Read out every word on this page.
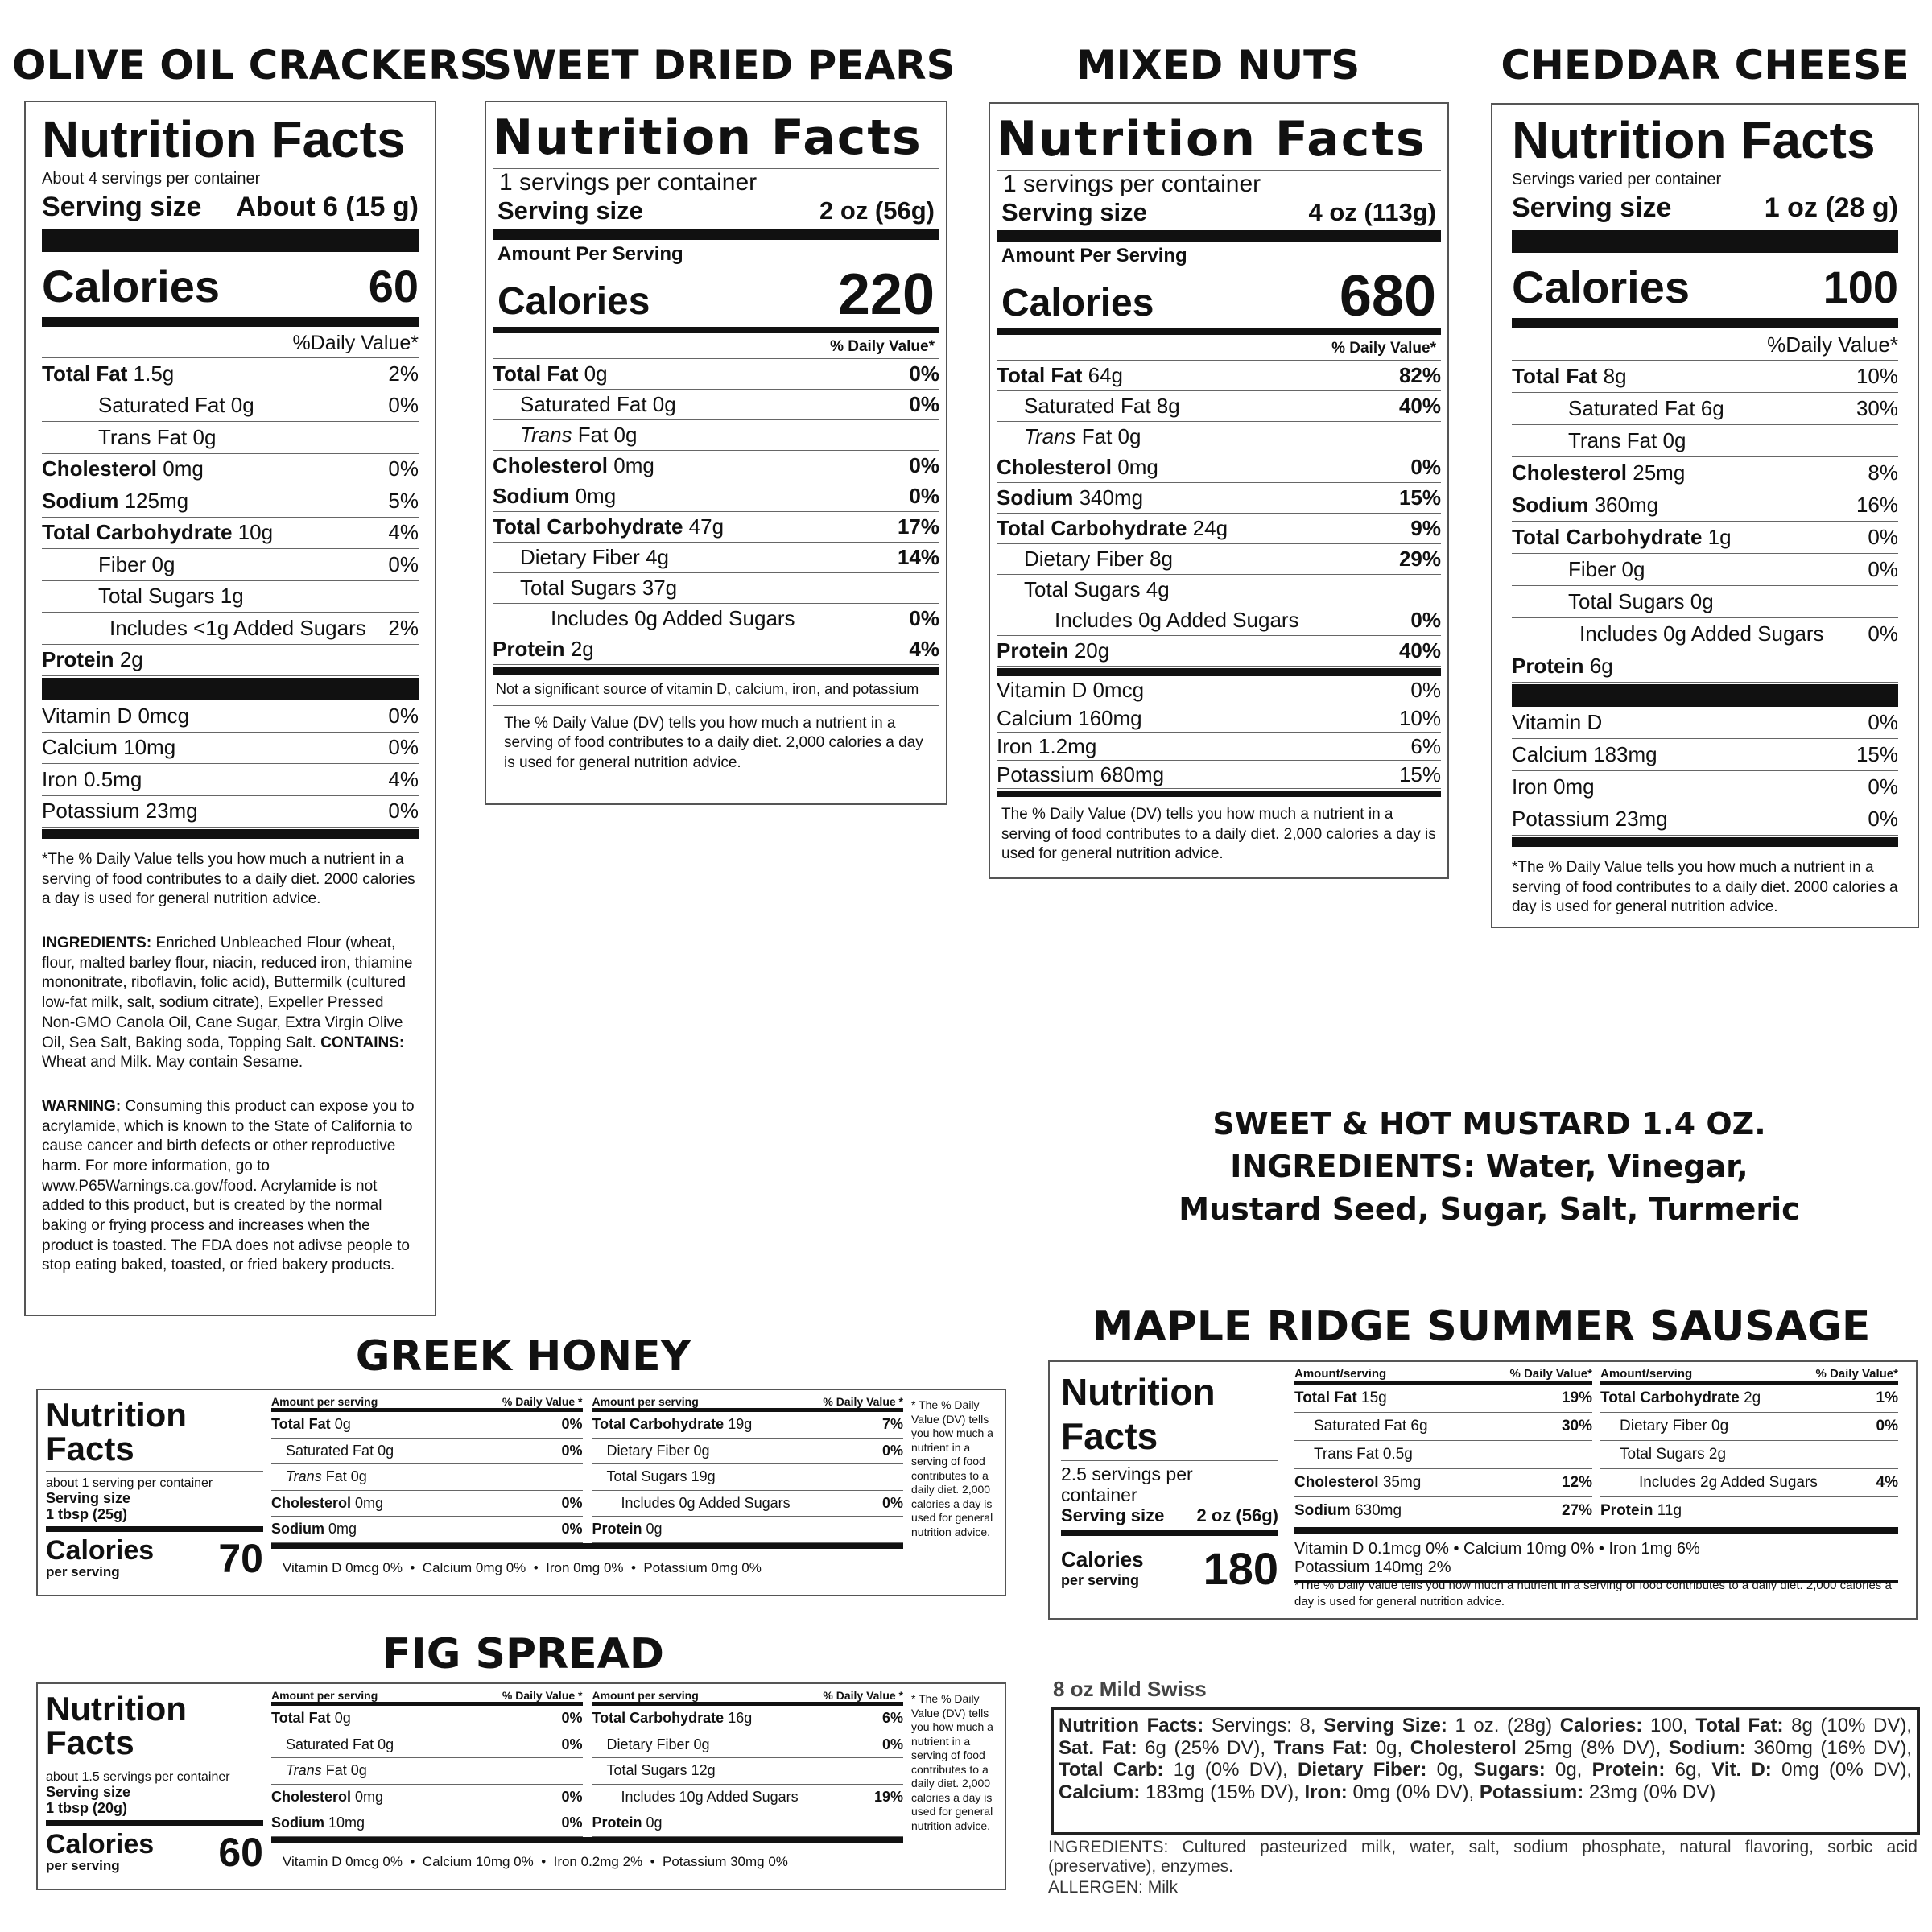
OLIVE OIL CRACKERS
Nutrition Facts
About 4 servings per container
Serving size About 6 (15 g)
Calories	60
%Daily Value*
Total Fat 1.5g	2%
Saturated Fat 0g	0%
Trans Fat 0g
Cholesterol 0mg	0%
Sodium 125mg	5%
Total Carbohydrate 10g	4%
Fiber 0g	0%
Total Sugars 1g
Includes <1g Added Sugars 2%
Protein 2g
Vitamin D 0mcg	0%
Calcium 10mg	0%
Iron 0.5mg	4%
Potassium 23mg	0%
*The % Daily Value tells you how much a nutrient in a serving of food contributes to a daily diet. 2000 calories a day is used for general nutrition advice.
INGREDIENTS: Enriched Unbleached Flour (wheat, flour, malted barley flour, niacin, reduced iron, thiamine mononitrate, riboflavin, folic acid), Buttermilk (cultured low-fat milk, salt, sodium citrate), Expeller Pressed Non-GMO Canola Oil, Cane Sugar, Extra Virgin Olive Oil, Sea Salt, Baking soda, Topping Salt. CONTAINS: Wheat and Milk. May contain Sesame.
WARNING: Consuming this product can expose you to acrylamide, which is known to the State of California to cause cancer and birth defects or other reproductive harm. For more information, go to www.P65Warnings.ca.gov/food. Acrylamide is not added to this product, but is created by the normal baking or frying process and increases when the product is toasted. The FDA does not adivse people to stop eating baked, toasted, or fried bakery products.
SWEET DRIED PEARS
Nutrition Facts
1 servings per container
Serving size	2 oz (56g)
Amount Per Serving
Calories	220
% Daily Value*
Total Fat 0g	0%
Saturated Fat 0g	0%
Trans Fat 0g
Cholesterol 0mg	0%
Sodium 0mg	0%
Total Carbohydrate 47g	17%
Dietary Fiber 4g	14%
Total Sugars 37g
Includes 0g Added Sugars	0%
Protein 2g	4%
Not a significant source of vitamin D, calcium, iron, and potassium
The % Daily Value (DV) tells you how much a nutrient in a serving of food contributes to a daily diet. 2,000 calories a day is used for general nutrition advice.
MIXED NUTS
Nutrition Facts
1 servings per container
Serving size	4 oz (113g)
Amount Per Serving
Calories	680
% Daily Value*
Total Fat 64g	82%
Saturated Fat 8g	40%
Trans Fat 0g
Cholesterol 0mg	0%
Sodium 340mg	15%
Total Carbohydrate 24g	9%
Dietary Fiber 8g	29%
Total Sugars 4g
Includes 0g Added Sugars	0%
Protein 20g	40%
Vitamin D 0mcg	0%
Calcium 160mg	10%
Iron 1.2mg	6%
Potassium 680mg	15%
The % Daily Value (DV) tells you how much a nutrient in a serving of food contributes to a daily diet. 2,000 calories a day is used for general nutrition advice.
CHEDDAR CHEESE
Nutrition Facts
Servings varied per container
Serving size	1 oz (28 g)
Calories	100
%Daily Value*
Total Fat 8g	10%
Saturated Fat 6g	30%
Trans Fat 0g
Cholesterol 25mg	8%
Sodium 360mg	16%
Total Carbohydrate 1g	0%
Fiber 0g	0%
Total Sugars 0g
Includes 0g Added Sugars 0%
Protein 6g
Vitamin D	0%
Calcium 183mg	15%
Iron 0mg	0%
Potassium 23mg	0%
*The % Daily Value tells you how much a nutrient in a serving of food contributes to a daily diet. 2000 calories a day is used for general nutrition advice.
SWEET & HOT MUSTARD 1.4 OZ.
INGREDIENTS: Water, Vinegar,
Mustard Seed, Sugar, Salt, Turmeric
GREEK HONEY
Nutrition
Facts
about 1 serving per container
Serving size
1 tbsp (25g)
Calories
per serving	70
Amount per serving	% Daily Value *
Total Fat 0g	0%
Saturated Fat 0g	0%
Trans Fat 0g
Cholesterol 0mg	0%
Sodium 0mg	0%
Amount per serving	% Daily Value *
Total Carbohydrate 19g	7%
Dietary Fiber 0g	0%
Total Sugars 19g
Includes 0g Added Sugars	0%
Protein 0g
Vitamin D 0mcg 0%  •  Calcium 0mg 0%  •  Iron 0mg 0%  •  Potassium 0mg 0%
* The % Daily Value (DV) tells you how much a nutrient in a serving of food contributes to a daily diet. 2,000 calories a day is used for general nutrition advice.
FIG SPREAD
Nutrition
Facts
about 1.5 servings per container
Serving size
1 tbsp (20g)
Calories
per serving	60
Amount per serving	% Daily Value *
Total Fat 0g	0%
Saturated Fat 0g	0%
Trans Fat 0g
Cholesterol 0mg	0%
Sodium 10mg	0%
Amount per serving	% Daily Value *
Total Carbohydrate 16g	6%
Dietary Fiber 0g	0%
Total Sugars 12g
Includes 10g Added Sugars	19%
Protein 0g
Vitamin D 0mcg 0%  •  Calcium 10mg 0%  •  Iron 0.2mg 2%  •  Potassium 30mg 0%
* The % Daily Value (DV) tells you how much a nutrient in a serving of food contributes to a daily diet. 2,000 calories a day is used for general nutrition advice.
MAPLE RIDGE SUMMER SAUSAGE
Nutrition
Facts
2.5 servings per container
Serving size 2 oz (56g)
Calories
per serving 180
Amount/serving	% Daily Value*
Total Fat 15g	19%
Saturated Fat 6g	30%
Trans Fat 0.5g
Cholesterol 35mg	12%
Sodium 630mg	27%
Amount/serving	% Daily Value*
Total Carbohydrate 2g	1%
Dietary Fiber 0g	0%
Total Sugars 2g
Includes 2g Added Sugars	4%
Protein 11g
Vitamin D 0.1mcg 0% • Calcium 10mg 0% • Iron 1mg 6%
Potassium 140mg 2%
*The % Daily Value tells you how much a nutrient in a serving of food contributes to a daily diet. 2,000 calories a day is used for general nutrition advice.
8 oz Mild Swiss
Nutrition Facts: Servings: 8, Serving Size: 1 oz. (28g) Calories: 100, Total Fat: 8g (10% DV), Sat. Fat: 6g (25% DV), Trans Fat: 0g, Cholesterol 25mg (8% DV), Sodium: 360mg (16% DV), Total Carb: 1g (0% DV), Dietary Fiber: 0g, Sugars: 0g, Protein: 6g, Vit. D: 0mg (0% DV), Calcium: 183mg (15% DV), Iron: 0mg (0% DV), Potassium: 23mg (0% DV)
INGREDIENTS: Cultured pasteurized milk, water, salt, sodium phosphate, natural flavoring, sorbic acid (preservative), enzymes.
ALLERGEN: Milk
